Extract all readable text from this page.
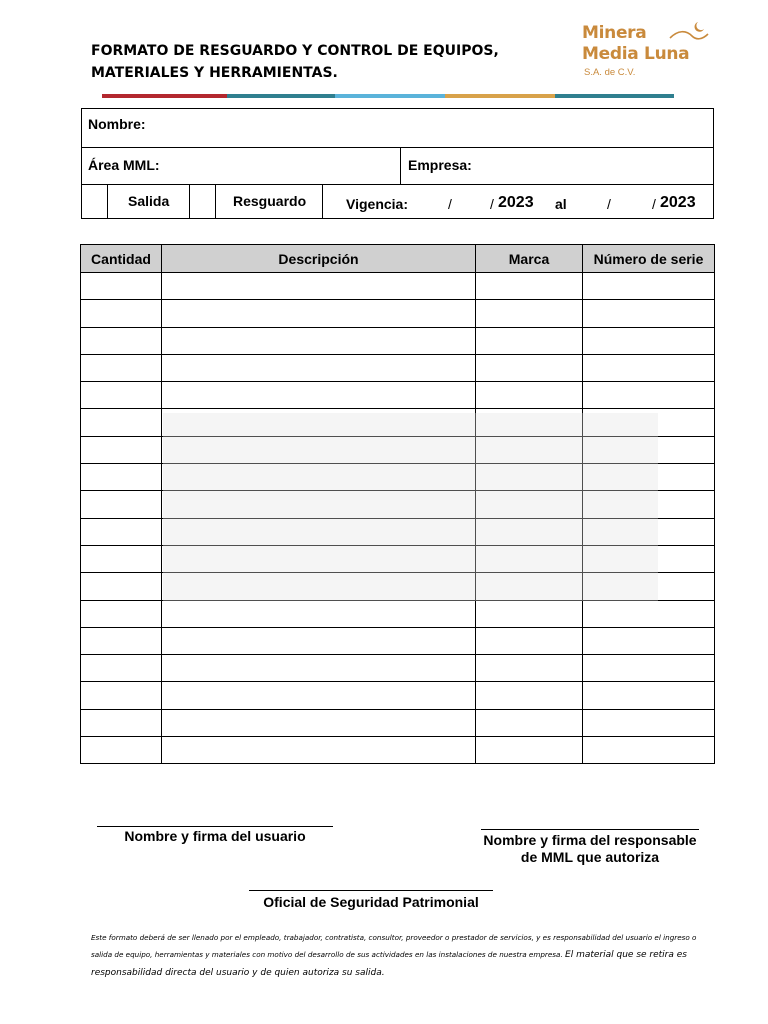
FORMATO DE RESGUARDO Y CONTROL DE EQUIPOS,
MATERIALES Y HERRAMIENTAS.
Minera
Media Luna
S.A. de C.V.
Nombre:
Área MML:	Empresa:
Salida	Resguardo	Vigencia:	/	/ 2023 al	/	/ 2023
Cantidad	Descripción	Marca	Número de serie

Nombre y firma del usuario	Nombre y firma del responsable
de MML que autoriza
Oficial de Seguridad Patrimonial
Este formato deberá de ser llenado por el empleado, trabajador, contratista, consultor, proveedor o prestador de servicios, y es responsabilidad del usuario el ingreso o salida de equipo, herramientas y materiales con motivo del desarrollo de sus actividades en las instalaciones de nuestra empresa. El material que se retira es responsabilidad directa del usuario y de quien autoriza su salida.
